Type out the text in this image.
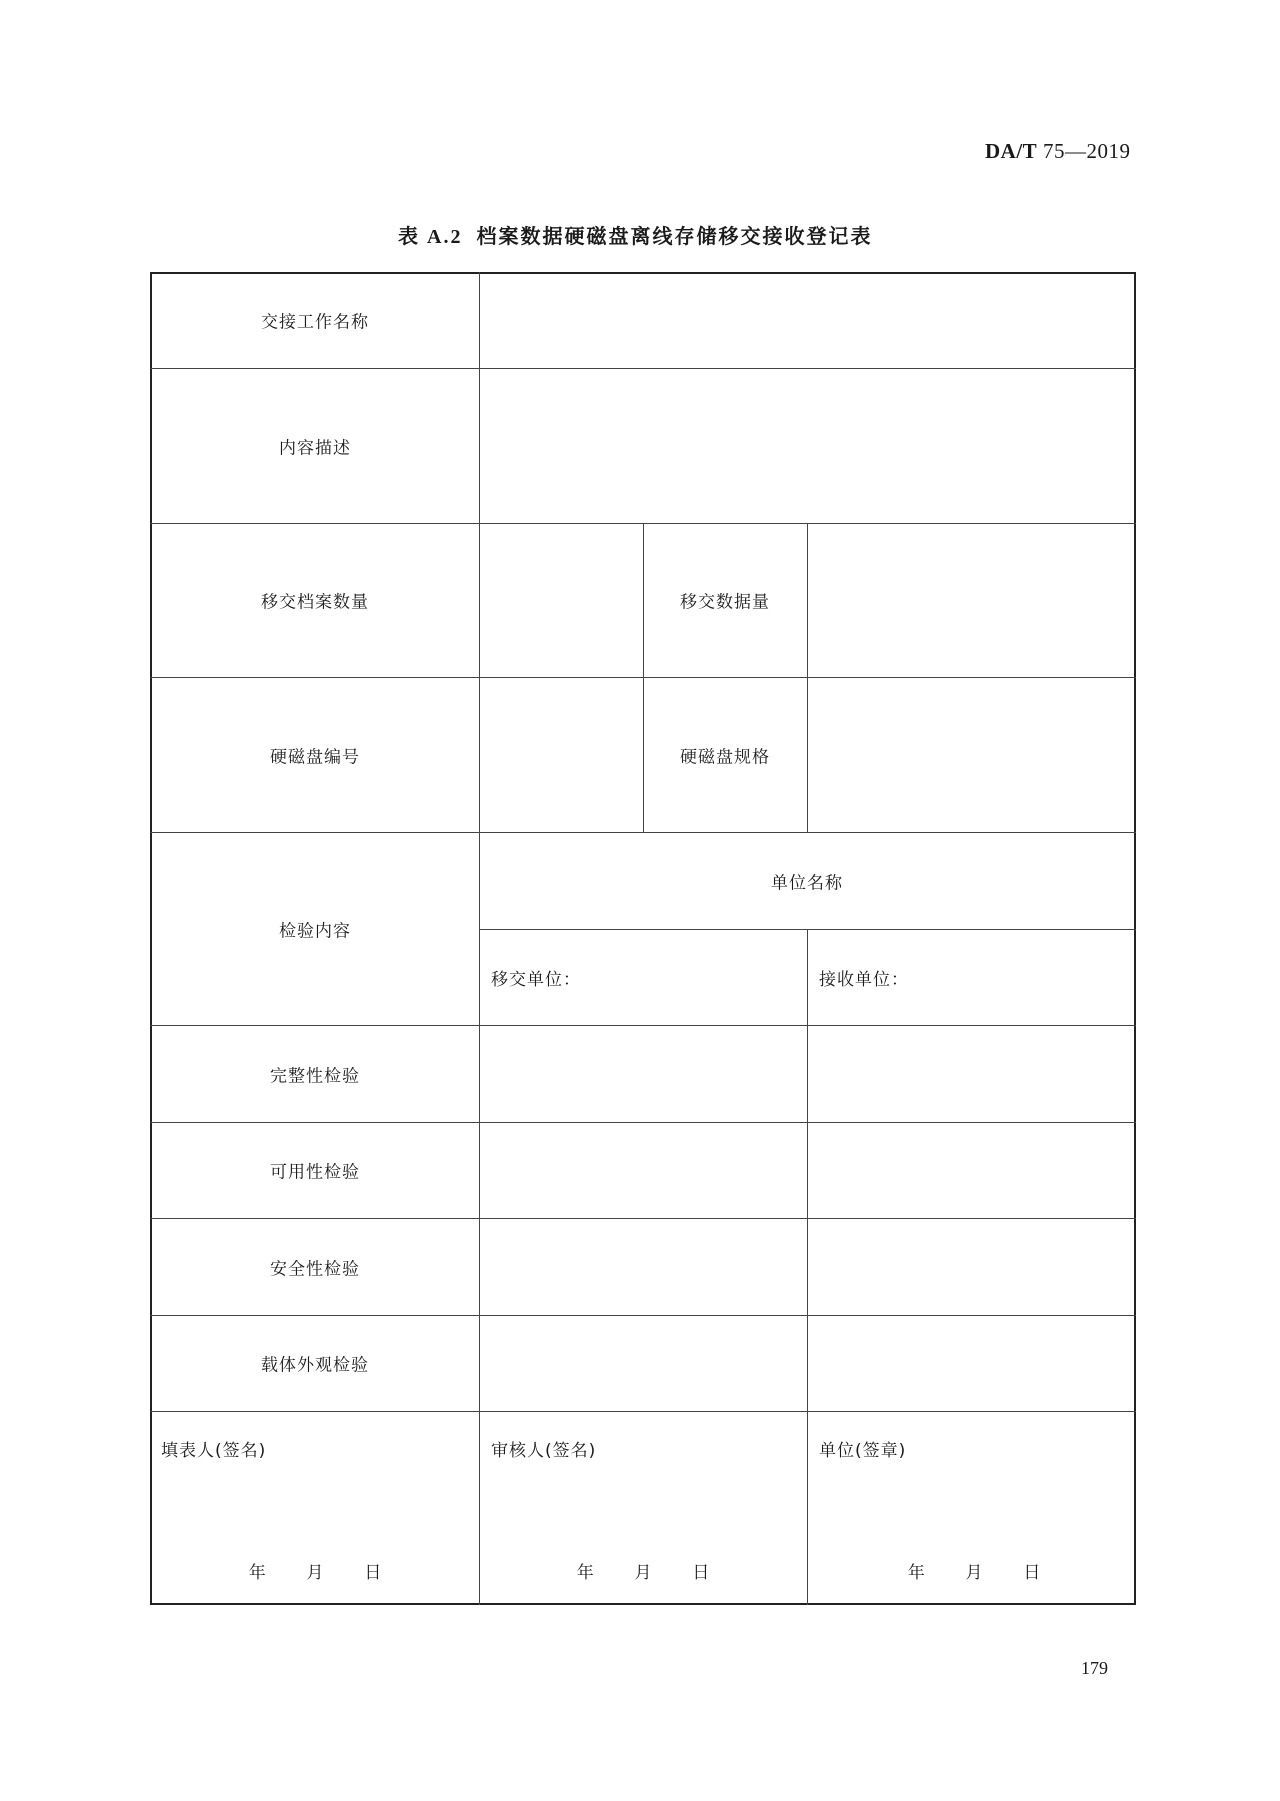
DA/T 75—2019
表 A.2 档案数据硬磁盘离线存储移交接收登记表
交接工作名称
内容描述
移交档案数量	移交数据量
硬磁盘编号	硬磁盘规格
检验内容
单位名称
移交单位：	接收单位：
完整性检验
可用性检验
安全性检验
载体外观检验
填表人(签名)	审核人(签名)	单位(签章)
年 月 日	年 月 日	年 月 日
179
